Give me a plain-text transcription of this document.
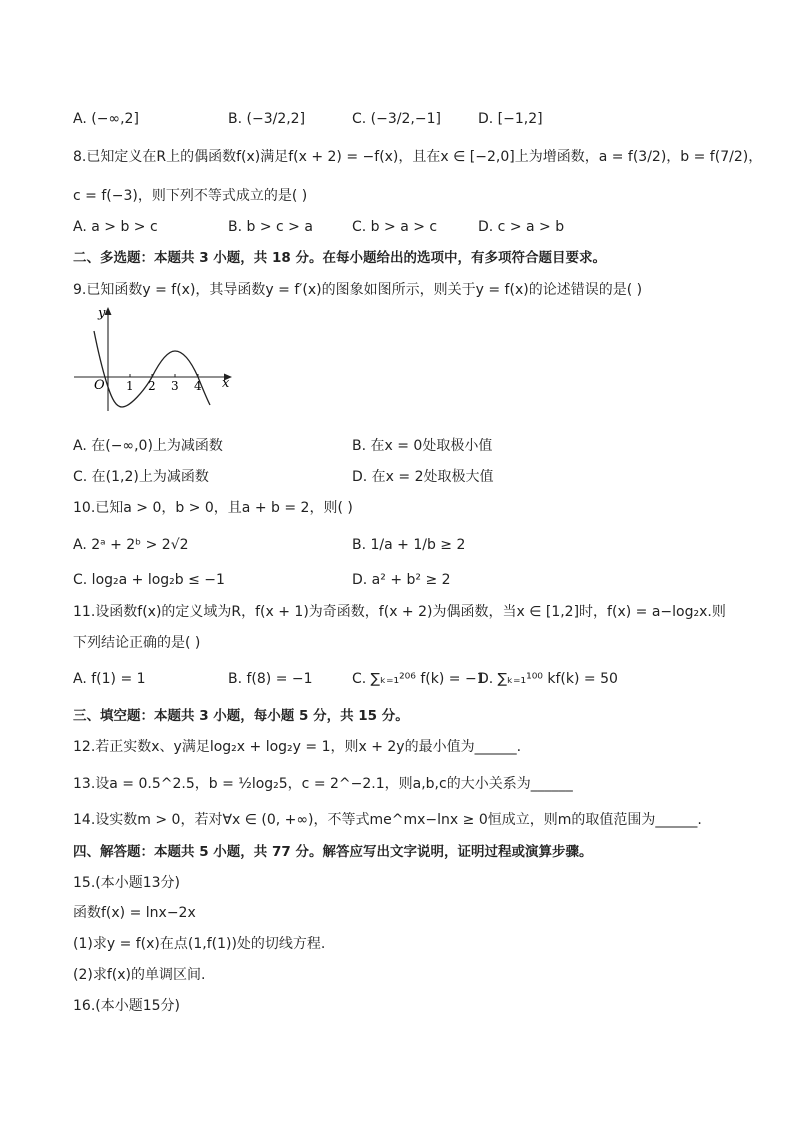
A. (−∞,2]	B. (−3/2,2]	C. (−3/2,−1]	D. [−1,2]
8.已知定义在R上的偶函数f(x)满足f(x + 2) = −f(x)，且在x ∈ [−2,0]上为增函数，a = f(3/2)，b = f(7/2)，
c = f(−3)，则下列不等式成立的是( )
A. a > b > c	B. b > c > a	C. b > a > c	D. c > a > b
二、多选题：本题共 3 小题，共 18 分。在每小题给出的选项中，有多项符合题目要求。
9.已知函数y = f(x)，其导函数y = f′(x)的图象如图所示，则关于y = f(x)的论述错误的是( )
y
x
O 1 2 3 4
A. 在(−∞,0)上为减函数	B. 在x = 0处取极小值
C. 在(1,2)上为减函数	D. 在x = 2处取极大值
10.已知a > 0，b > 0，且a + b = 2，则( )
A. 2ᵃ + 2ᵇ > 2√2	B. 1/a + 1/b ≥ 2
C. log₂a + log₂b ≤ −1	D. a² + b² ≥ 2
11.设函数f(x)的定义域为R，f(x + 1)为奇函数，f(x + 2)为偶函数，当x ∈ [1,2]时，f(x) = a−log₂x.则
下列结论正确的是( )
A. f(1) = 1	B. f(8) = −1	C. ∑ₖ₌₁²⁰⁶ f(k) = −1
D. ∑ₖ₌₁¹⁰⁰ kf(k) = 50
三、填空题：本题共 3 小题，每小题 5 分，共 15 分。
12.若正实数x、y满足log₂x + log₂y = 1，则x + 2y的最小值为______.
13.设a = 0.5^2.5，b = ½log₂5，c = 2^−2.1，则a,b,c的大小关系为______
14.设实数m > 0，若对∀x ∈ (0, +∞)，不等式me^mx−lnx ≥ 0恒成立，则m的取值范围为______.
四、解答题：本题共 5 小题，共 77 分。解答应写出文字说明，证明过程或演算步骤。
15.(本小题13分)
函数f(x) = lnx−2x
(1)求y = f(x)在点(1,f(1))处的切线方程.
(2)求f(x)的单调区间.
16.(本小题15分)
